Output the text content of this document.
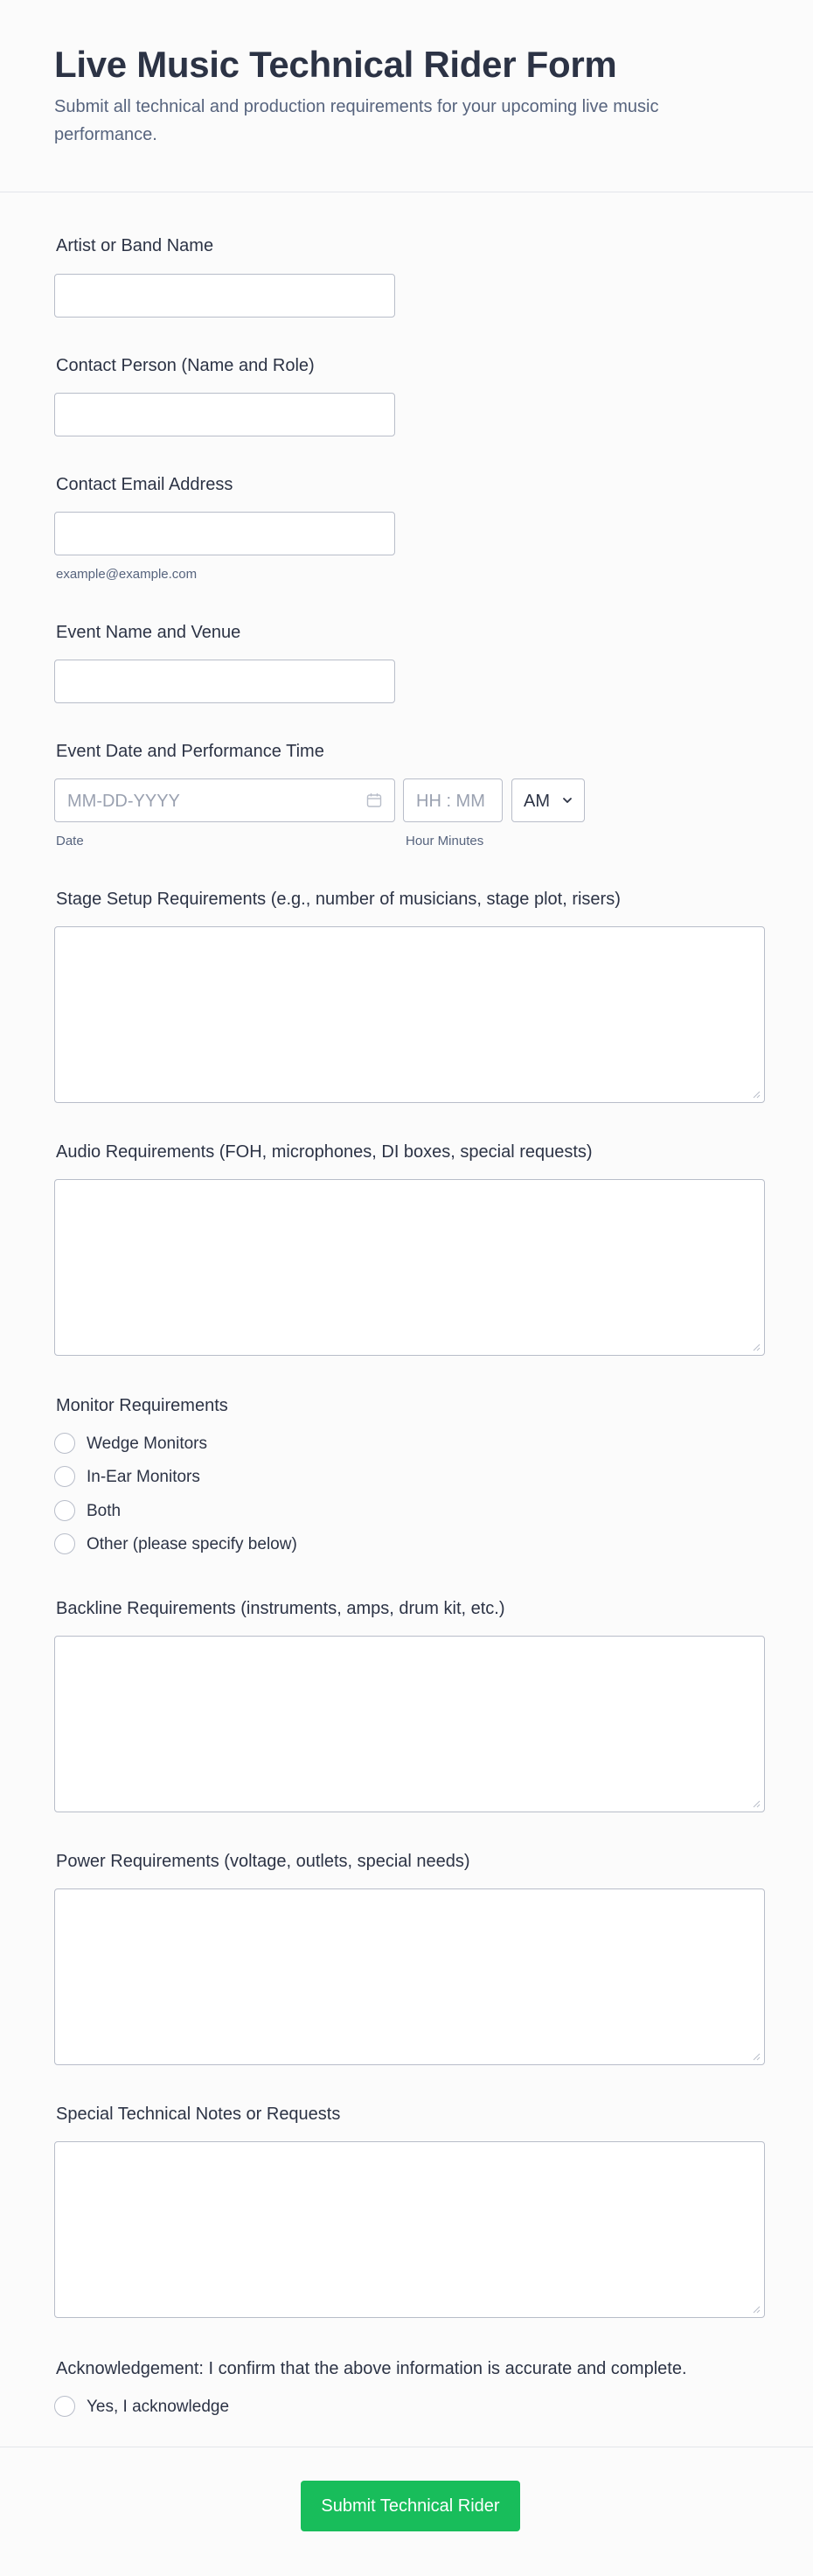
Live Music Technical Rider Form

Submit all technical and production requirements for your upcoming live music performance.

Artist or Band Name
Contact Person (Name and Role)
Contact Email Address
example@example.com
Event Name and Venue
Event Date and Performance Time
MM-DD-YYYY
Date
HH : MM
Hour Minutes
AM
Stage Setup Requirements (e.g., number of musicians, stage plot, risers)
Audio Requirements (FOH, microphones, DI boxes, special requests)
Monitor Requirements
Wedge Monitors
In-Ear Monitors
Both
Other (please specify below)
Backline Requirements (instruments, amps, drum kit, etc.)
Power Requirements (voltage, outlets, special needs)
Special Technical Notes or Requests
Acknowledgement: I confirm that the above information is accurate and complete.
Yes, I acknowledge
Submit Technical Rider
